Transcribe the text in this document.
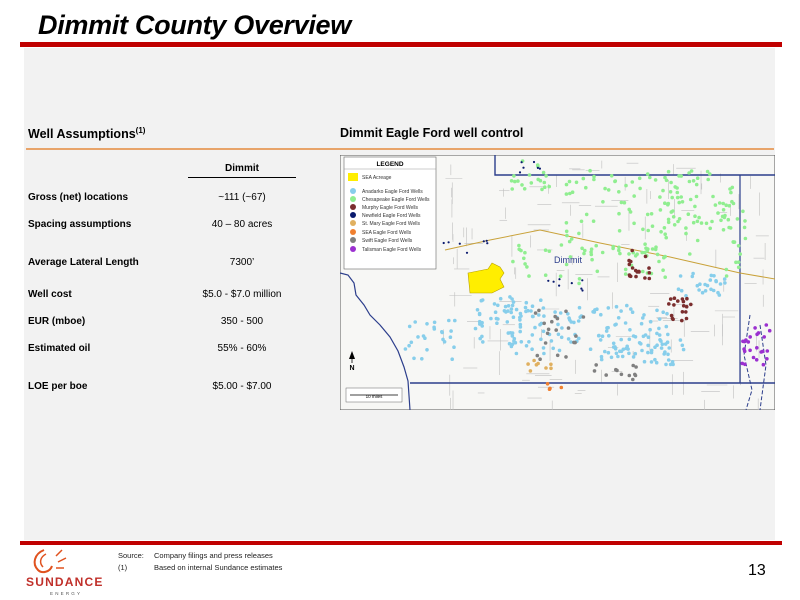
Dimmit County Overview
Well Assumptions$^{(1)}$	Dimmit Eagle Ford well control
Dimmit
Gross (net) locations	~111 (~67)
Spacing assumptions	40 – 80 acres
Average Lateral Length	7300’
Well cost	$5.0 - $7.0 million
EUR (mboe)	350 - 500
Estimated oil	55% - 60%
LOE per boe	$5.00 - $7.00
LEGEND
SEA Acreage
Anadarko Eagle Ford Wells
Chesapeake Eagle Ford Wells
Murphy Eagle Ford Wells
Newfield Eagle Ford Wells
St. Mary Eagle Ford Wells
SEA Eagle Ford Wells
Swift Eagle Ford Wells
Talisman Eagle Ford Wells
Dimmit
N
10 miles
Source: Company filings and press releases
(1)	Based on internal Sundance estimates
SUNDANCE
ENERGY
13
